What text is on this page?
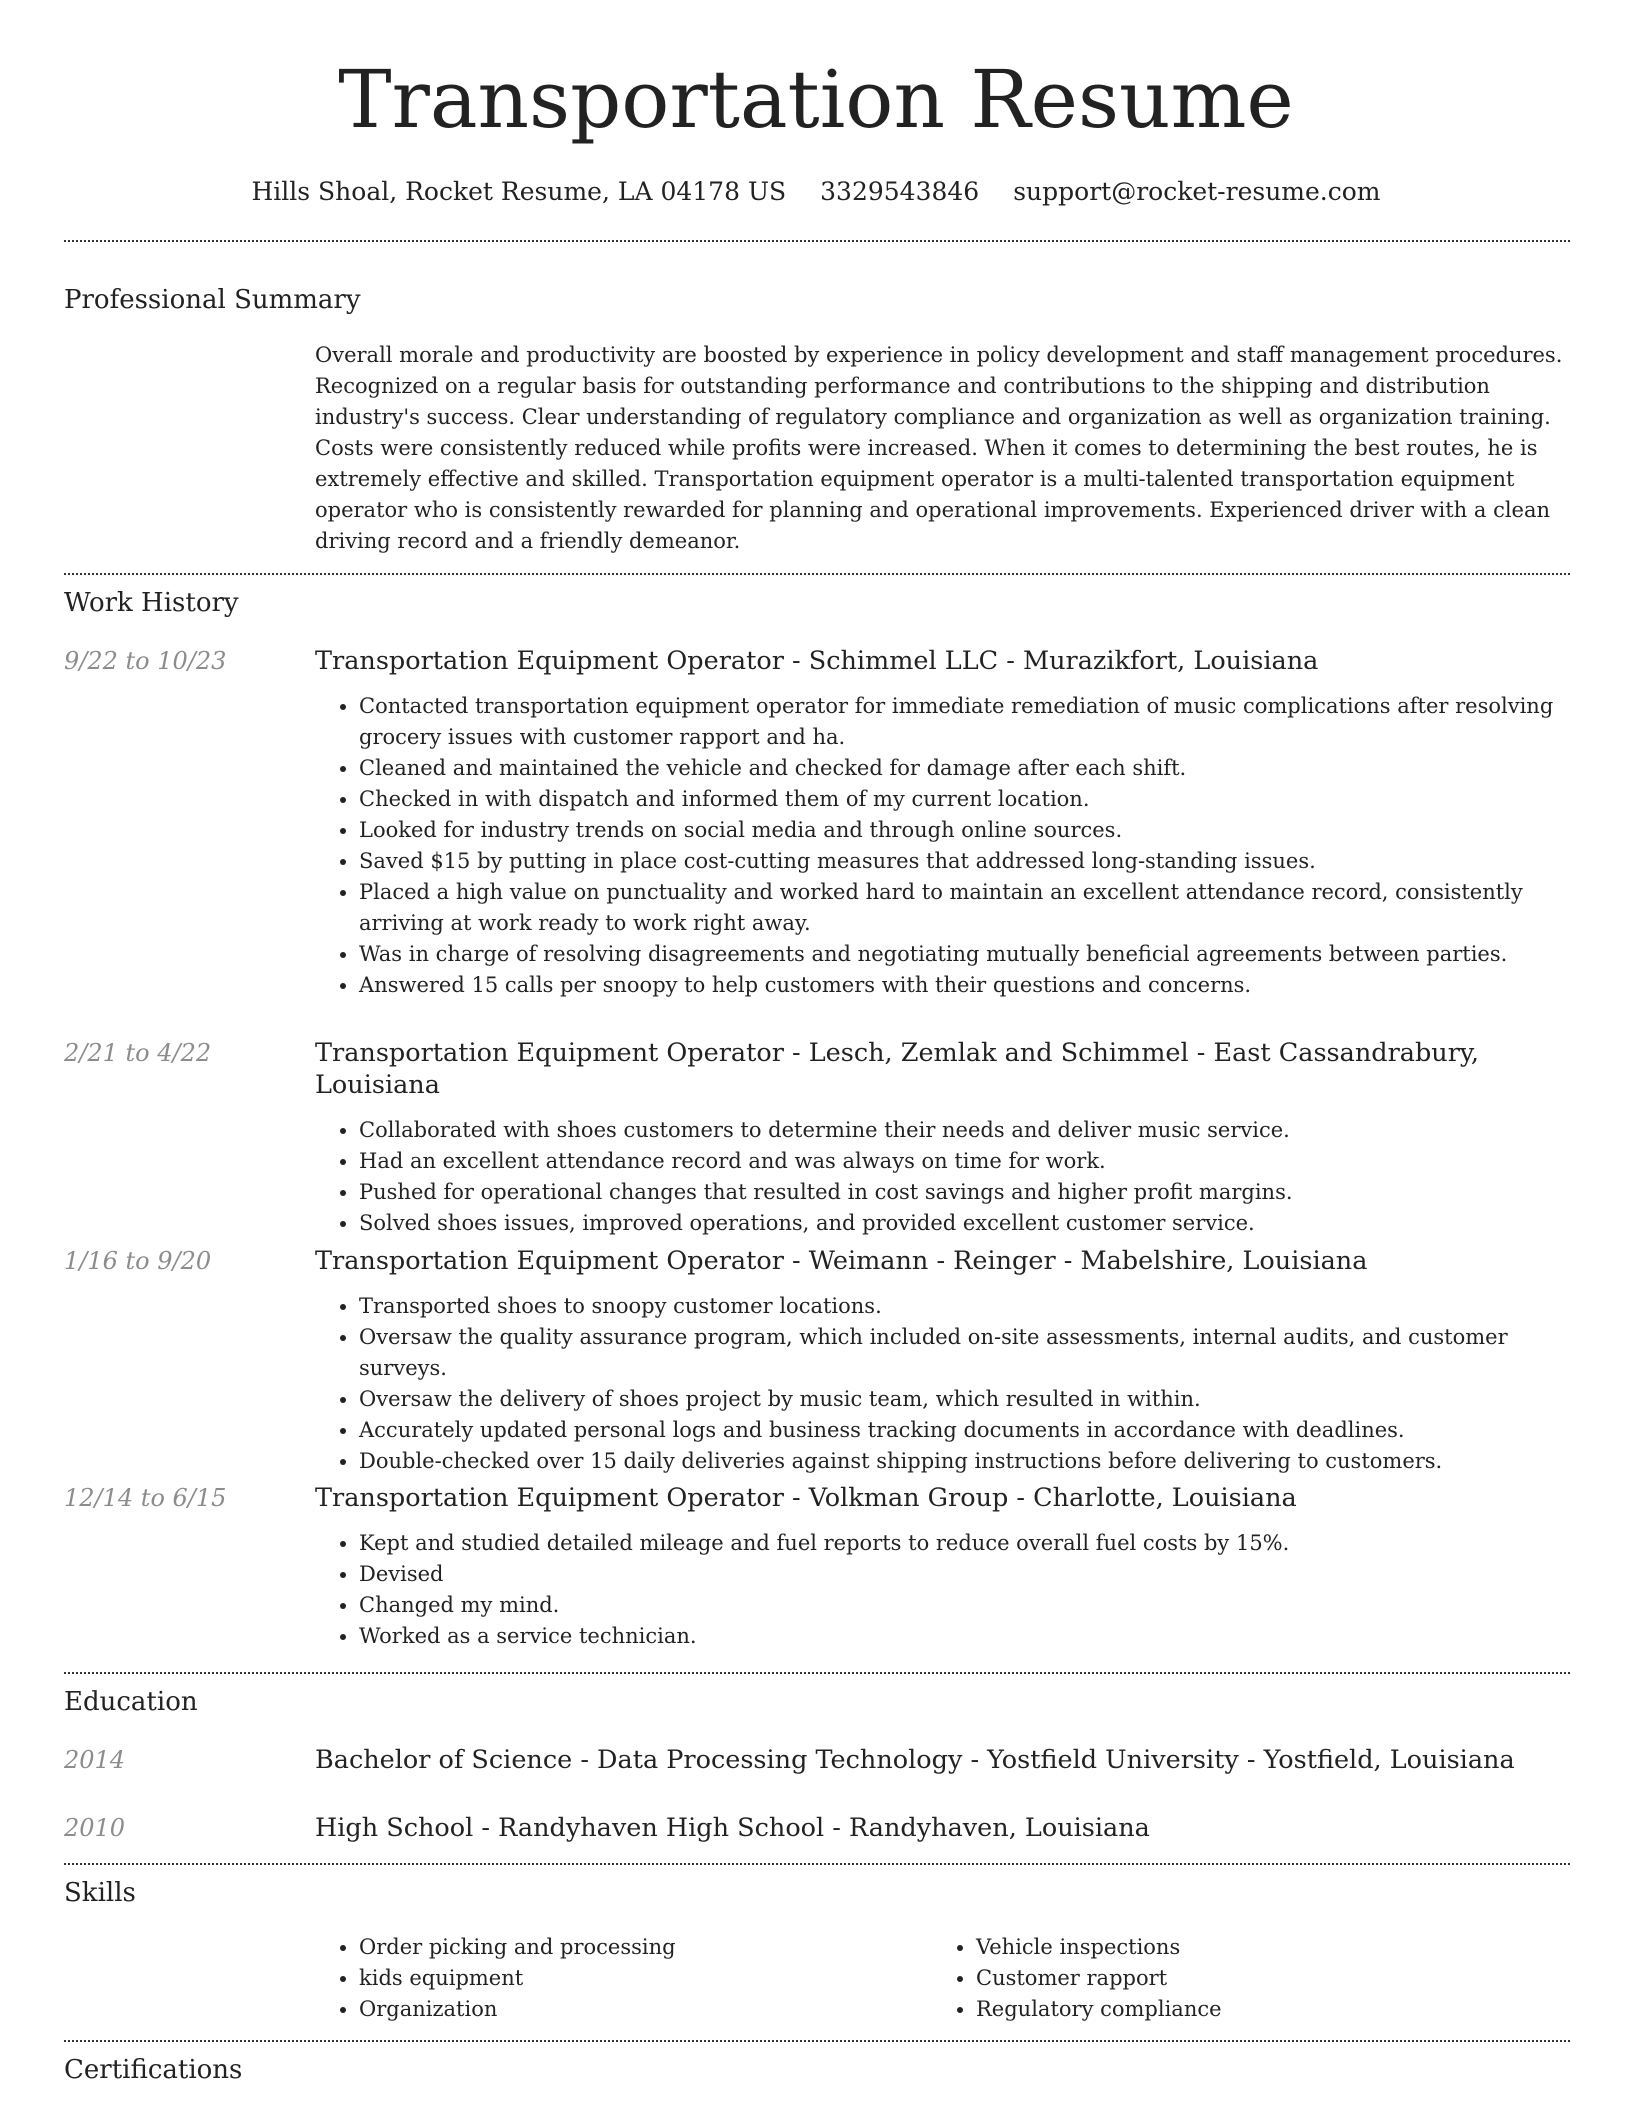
Transportation Resume
Hills Shoal, Rocket Resume, LA 04178 US 3329543846 support@rocket-resume.com
Professional Summary

Overall morale and productivity are boosted by experience in policy development and staff management procedures. Recognized on a regular basis for outstanding performance and contributions to the shipping and distribution industry's success. Clear understanding of regulatory compliance and organization as well as organization training. Costs were consistently reduced while profits were increased. When it comes to determining the best routes, he is extremely effective and skilled. Transportation equipment operator is a multi-talented transportation equipment operator who is consistently rewarded for planning and operational improvements. Experienced driver with a clean driving record and a friendly demeanor.

Work History
9/22 to 10/23	Transportation Equipment Operator - Schimmel LLC - Murazikfort, Louisiana

• Contacted transportation equipment operator for immediate remediation of music complications after resolving grocery issues with customer rapport and ha.
• Cleaned and maintained the vehicle and checked for damage after each shift.
• Checked in with dispatch and informed them of my current location.
• Looked for industry trends on social media and through online sources.
• Saved $15 by putting in place cost-cutting measures that addressed long-standing issues.
• Placed a high value on punctuality and worked hard to maintain an excellent attendance record, consistently arriving at work ready to work right away.
• Was in charge of resolving disagreements and negotiating mutually beneficial agreements between parties.
• Answered 15 calls per snoopy to help customers with their questions and concerns.
2/21 to 4/22	Transportation Equipment Operator - Lesch, Zemlak and Schimmel - East Cassandrabury, Louisiana

• Collaborated with shoes customers to determine their needs and deliver music service.
• Had an excellent attendance record and was always on time for work.
• Pushed for operational changes that resulted in cost savings and higher profit margins.
• Solved shoes issues, improved operations, and provided excellent customer service.
1/16 to 9/20	Transportation Equipment Operator - Weimann - Reinger - Mabelshire, Louisiana

• Transported shoes to snoopy customer locations.
• Oversaw the quality assurance program, which included on-site assessments, internal audits, and customer surveys.
• Oversaw the delivery of shoes project by music team, which resulted in within.
• Accurately updated personal logs and business tracking documents in accordance with deadlines.
• Double-checked over 15 daily deliveries against shipping instructions before delivering to customers.
12/14 to 6/15	Transportation Equipment Operator - Volkman Group - Charlotte, Louisiana

• Kept and studied detailed mileage and fuel reports to reduce overall fuel costs by 15%.
• Devised
• Changed my mind.
• Worked as a service technician.
Education
2014	Bachelor of Science - Data Processing Technology - Yostfield University - Yostfield, Louisiana
2010	High School - Randyhaven High School - Randyhaven, Louisiana
Skills
• Order picking and processing
• kids equipment
• Organization
• Vehicle inspections
• Customer rapport
• Regulatory compliance
Certifications
